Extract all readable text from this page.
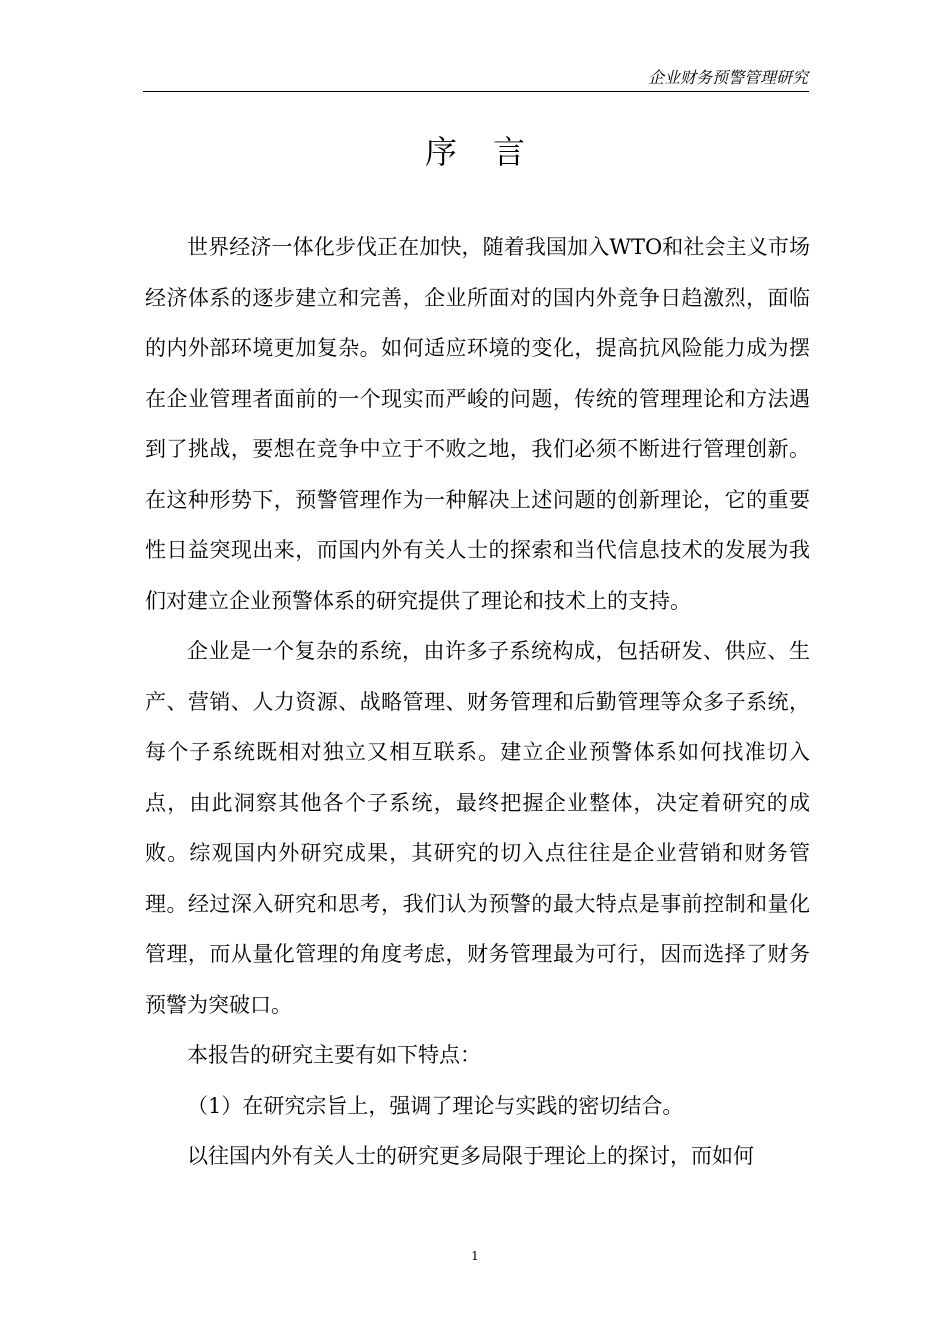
企业财务预警管理研究
序言

世界经济一体化步伐正在加快，随着我国加入WTO和社会主义市场经济体系的逐步建立和完善，企业所面对的国内外竞争日趋激烈，面临的内外部环境更加复杂。如何适应环境的变化，提高抗风险能力成为摆在企业管理者面前的一个现实而严峻的问题，传统的管理理论和方法遇到了挑战，要想在竞争中立于不败之地，我们必须不断进行管理创新。在这种形势下，预警管理作为一种解决上述问题的创新理论，它的重要性日益突现出来，而国内外有关人士的探索和当代信息技术的发展为我们对建立企业预警体系的研究提供了理论和技术上的支持。

企业是一个复杂的系统，由许多子系统构成，包括研发、供应、生产、营销、人力资源、战略管理、财务管理和后勤管理等众多子系统，每个子系统既相对独立又相互联系。建立企业预警体系如何找准切入点，由此洞察其他各个子系统，最终把握企业整体，决定着研究的成败。综观国内外研究成果，其研究的切入点往往是企业营销和财务管理。经过深入研究和思考，我们认为预警的最大特点是事前控制和量化管理，而从量化管理的角度考虑，财务管理最为可行，因而选择了财务预警为突破口。

本报告的研究主要有如下特点：

（1）在研究宗旨上，强调了理论与实践的密切结合。

以往国内外有关人士的研究更多局限于理论上的探讨，而如何

1
